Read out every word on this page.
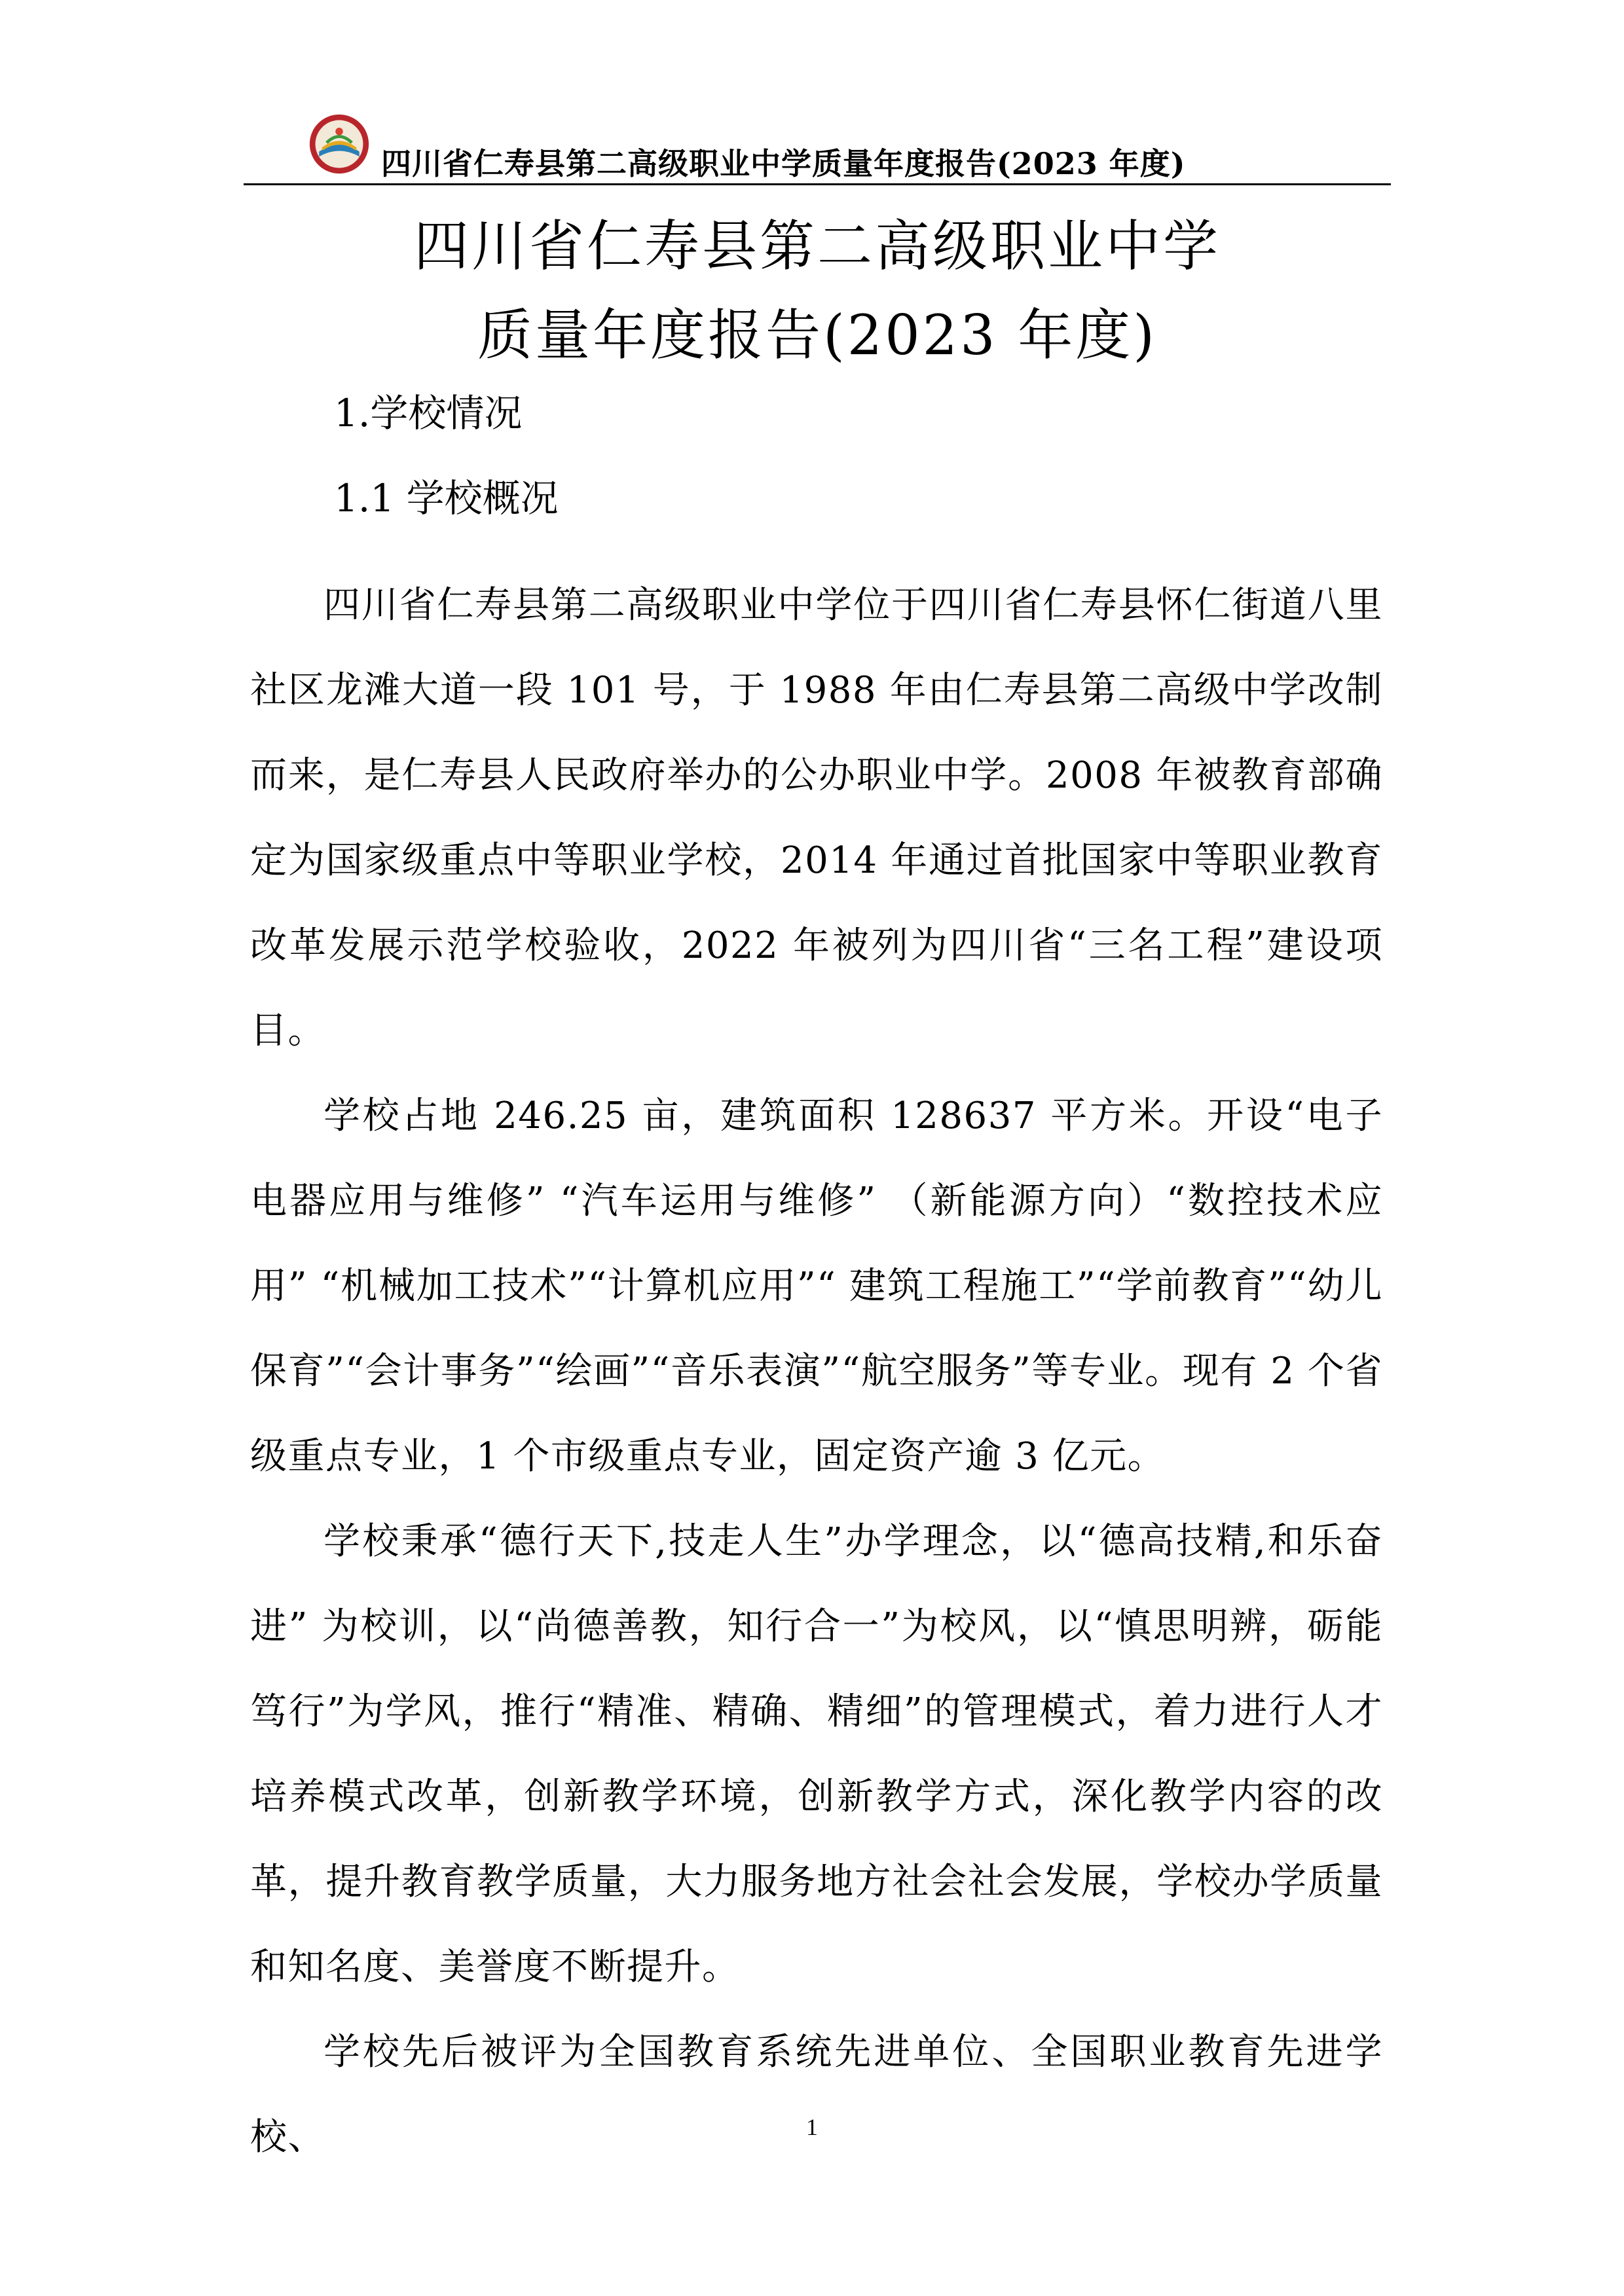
四川省仁寿县第二高级职业中学质量年度报告(2023 年度)
四川省仁寿县第二高级职业中学
质量年度报告(2023 年度)
1.学校情况
1.1 学校概况

四川省仁寿县第二高级职业中学位于四川省仁寿县怀仁街道八里社区龙滩大道一段 101 号，于 1988 年由仁寿县第二高级中学改制而来，是仁寿县人民政府举办的公办职业中学。2008 年被教育部确定为国家级重点中等职业学校，2014 年通过首批国家中等职业教育改革发展示范学校验收，2022 年被列为四川省“三名工程”建设项目。

学校占地 246.25 亩，建筑面积 128637 平方米。开设“电子电器应用与维修” “汽车运用与维修” （新能源方向）“数控技术应用” “机械加工技术”“计算机应用”“ 建筑工程施工”“学前教育”“幼儿保育”“会计事务”“绘画”“音乐表演”“航空服务”等专业。现有 2 个省级重点专业，1 个市级重点专业，固定资产逾 3 亿元。

学校秉承“德行天下,技走人生”办学理念，以“德高技精,和乐奋进” 为校训，以“尚德善教，知行合一”为校风，以“慎思明辨，砺能笃行”为学风，推行“精准、精确、精细”的管理模式，着力进行人才培养模式改革，创新教学环境，创新教学方式，深化教学内容的改革，提升教育教学质量，大力服务地方社会社会发展，学校办学质量和知名度、美誉度不断提升。

学校先后被评为全国教育系统先进单位、全国职业教育先进学校、	1
